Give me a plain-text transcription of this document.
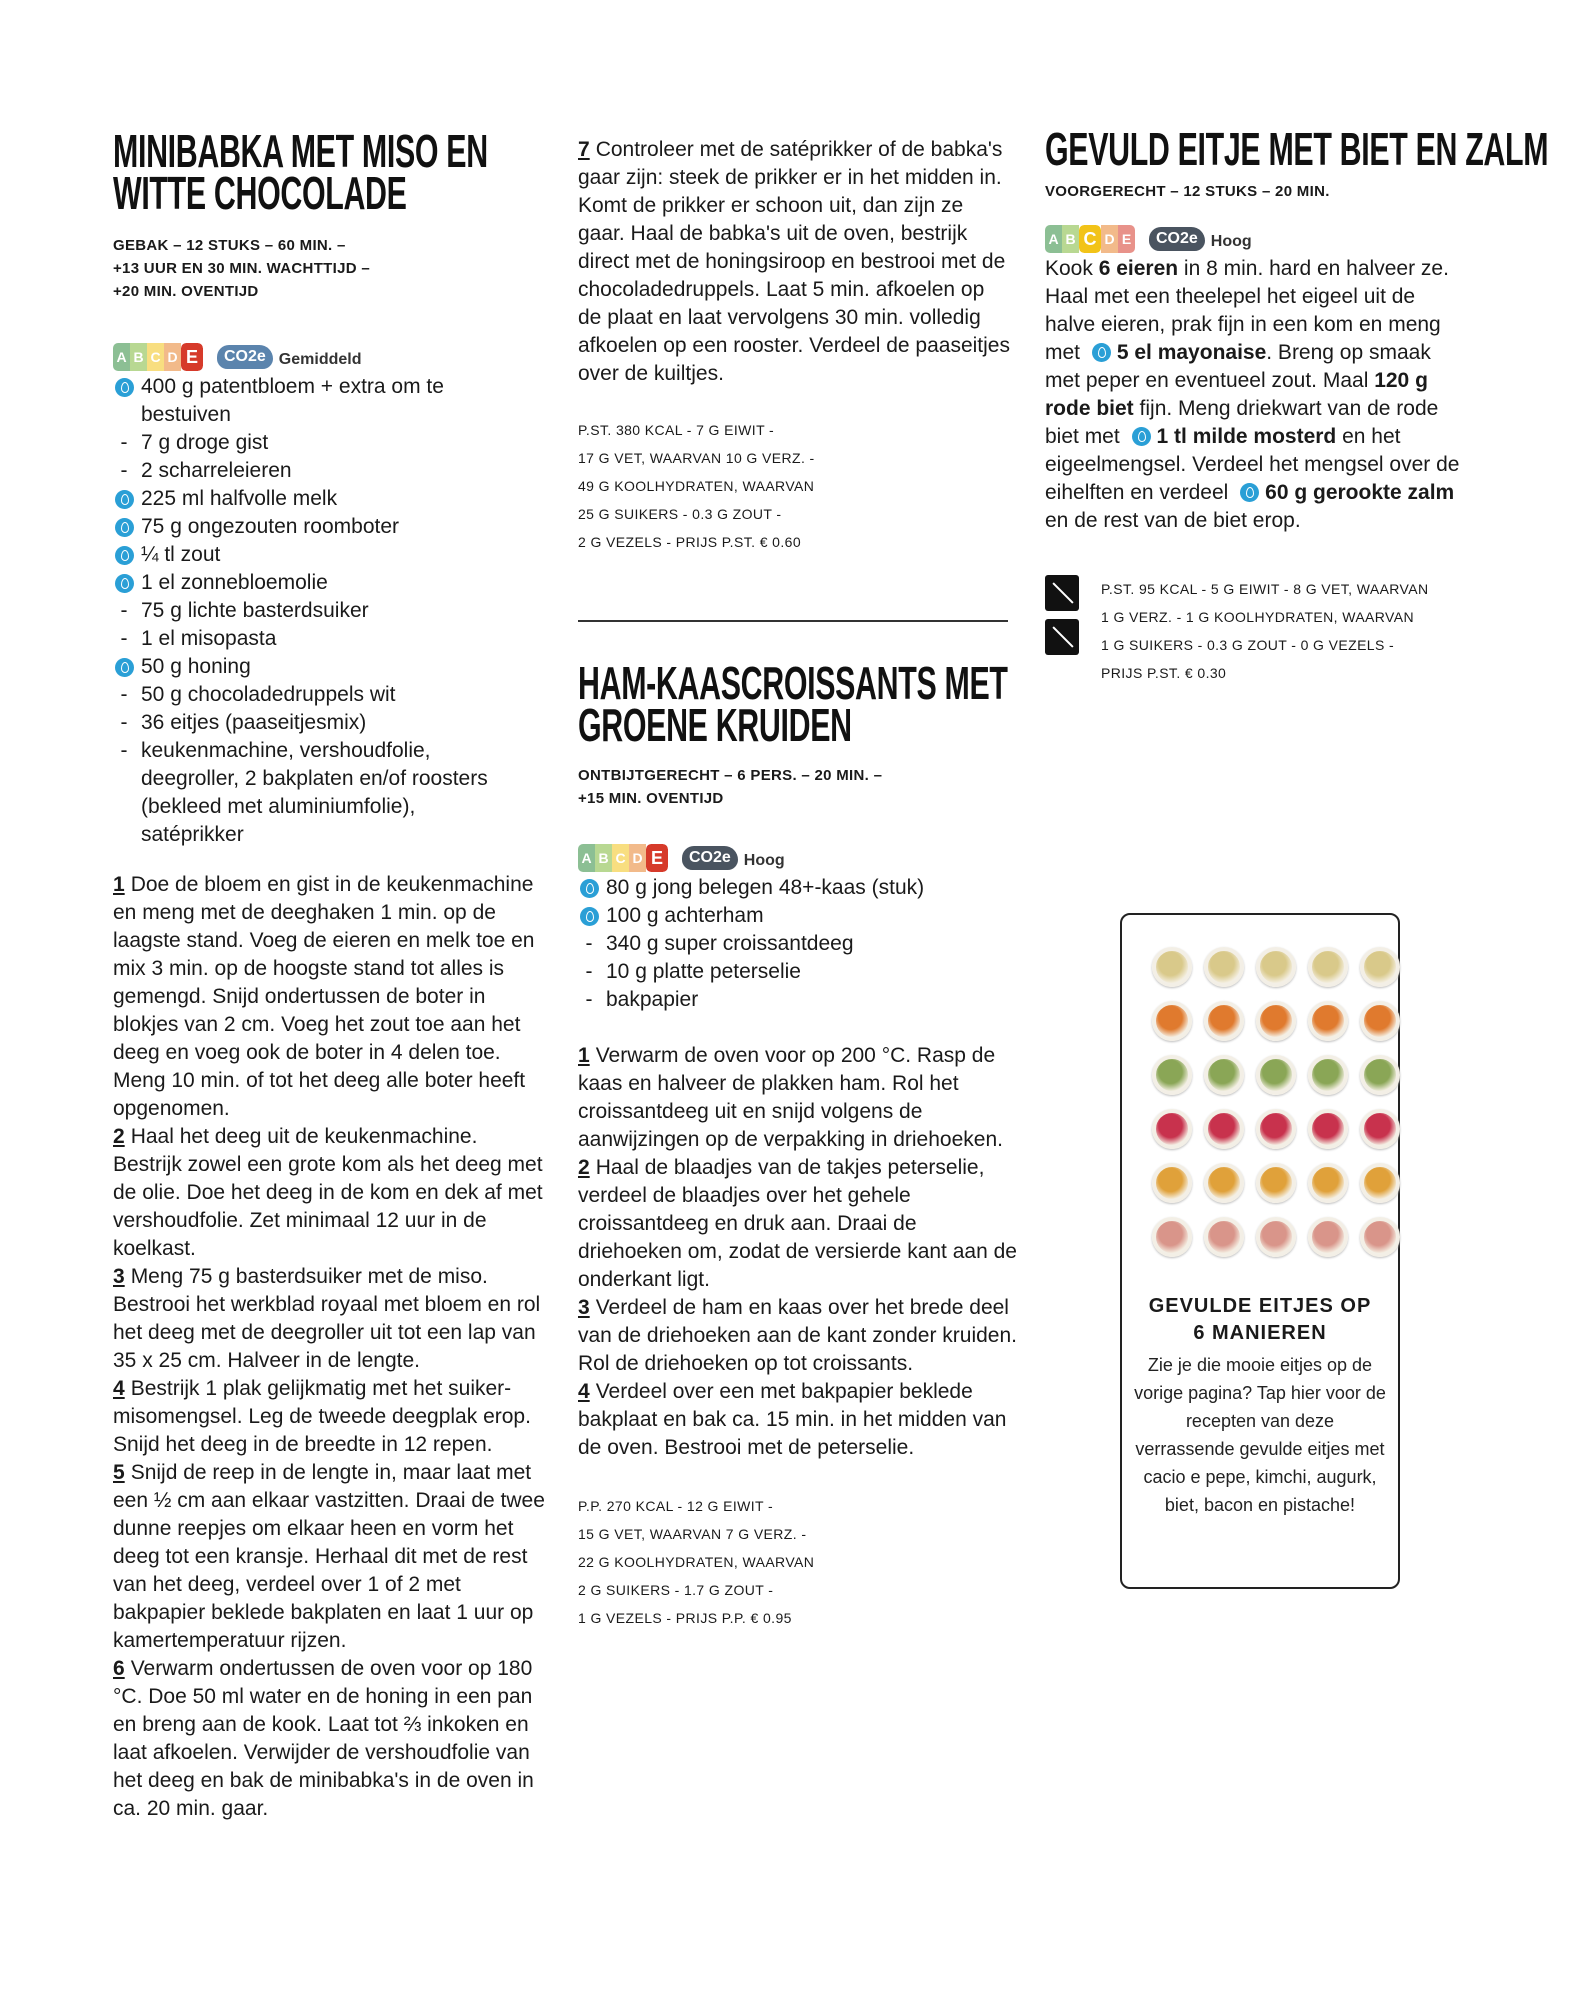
MINIBABKA MET MISO EN
WITTE CHOCOLADE
GEBAK – 12 STUKS – 60 MIN. –
+13 UUR EN 30 MIN. WACHTTIJD –
+20 MIN. OVENTIJD
A B C D E	CO2e Gemiddeld
400 g patentbloem + extra om te
bestuiven
- 7 g droge gist
- 2 scharreleieren
225 ml halfvolle melk
75 g ongezouten roomboter
¼ tl zout
1 el zonnebloemolie
- 75 g lichte basterdsuiker
- 1 el misopasta
50 g honing
- 50 g chocoladedruppels wit
- 36 eitjes (paaseitjesmix)
- keukenmachine, vershoudfolie,
deegroller, 2 bakplaten en/of roosters
(bekleed met aluminiumfolie),
satéprikker

1 Doe de bloem en gist in de keukenmachine en meng met de deeghaken 1 min. op de laagste stand. Voeg de eieren en melk toe en mix 3 min. op de hoogste stand tot alles is gemengd. Snijd ondertussen de boter in blokjes van 2 cm. Voeg het zout toe aan het deeg en voeg ook de boter in 4 delen toe. Meng 10 min. of tot het deeg alle boter heeft opgenomen.

2 Haal het deeg uit de keukenmachine. Bestrijk zowel een grote kom als het deeg met de olie. Doe het deeg in de kom en dek af met vershoudfolie. Zet minimaal 12 uur in de koelkast.

3 Meng 75 g basterdsuiker met de miso. Bestrooi het werkblad royaal met bloem en rol het deeg met de deegroller uit tot een lap van 35 x 25 cm. Halveer in de lengte.

4 Bestrijk 1 plak gelijkmatig met het suiker-misomengsel. Leg de tweede deegplak erop. Snijd het deeg in de breedte in 12 repen.

5 Snijd de reep in de lengte in, maar laat met een ½ cm aan elkaar vastzitten. Draai de twee dunne reepjes om elkaar heen en vorm het deeg tot een kransje. Herhaal dit met de rest van het deeg, verdeel over 1 of 2 met bakpapier beklede bakplaten en laat 1 uur op kamertemperatuur rijzen.

6 Verwarm ondertussen de oven voor op 180 °C. Doe 50 ml water en de honing in een pan en breng aan de kook. Laat tot ⅔ inkoken en laat afkoelen. Verwijder de vershoudfolie van het deeg en bak de minibabka's in de oven in ca. 20 min. gaar.

7 Controleer met de satéprikker of de babka's gaar zijn: steek de prikker er in het midden in. Komt de prikker er schoon uit, dan zijn ze gaar. Haal de babka's uit de oven, bestrijk direct met de honingsiroop en bestrooi met de chocoladedruppels. Laat 5 min. afkoelen op de plaat en laat vervolgens 30 min. volledig afkoelen op een rooster. Verdeel de paaseitjes over de kuiltjes.

P.ST. 380 KCAL - 7 G EIWIT -
17 G VET, WAARVAN 10 G VERZ. -
49 G KOOLHYDRATEN, WAARVAN
25 G SUIKERS - 0.3 G ZOUT -
2 G VEZELS - PRIJS P.ST. € 0.60
HAM-KAASCROISSANTS MET
GROENE KRUIDEN
ONTBIJTGERECHT – 6 PERS. – 20 MIN. –
+15 MIN. OVENTIJD
A B C D E	CO2e Hoog
80 g jong belegen 48+-kaas (stuk)
100 g achterham
- 340 g super croissantdeeg
- 10 g platte peterselie
- bakpapier

1 Verwarm de oven voor op 200 °C. Rasp de kaas en halveer de plakken ham. Rol het croissantdeeg uit en snijd volgens de aanwijzingen op de verpakking in driehoeken.

2 Haal de blaadjes van de takjes peterselie, verdeel de blaadjes over het gehele croissantdeeg en druk aan. Draai de driehoeken om, zodat de versierde kant aan de onderkant ligt.

3 Verdeel de ham en kaas over het brede deel van de driehoeken aan de kant zonder kruiden. Rol de driehoeken op tot croissants.

4 Verdeel over een met bakpapier beklede bakplaat en bak ca. 15 min. in het midden van de oven. Bestrooi met de peterselie.

P.P. 270 KCAL - 12 G EIWIT -
15 G VET, WAARVAN 7 G VERZ. -
22 G KOOLHYDRATEN, WAARVAN
2 G SUIKERS - 1.7 G ZOUT -
1 G VEZELS - PRIJS P.P. € 0.95
GEVULD EITJE MET BIET EN ZALM
VOORGERECHT – 12 STUKS – 20 MIN.
A B C D E	CO2e Hoog

Kook 6 eieren in 8 min. hard en halveer ze. Haal met een theelepel het eigeel uit de halve eieren, prak fijn in een kom en meng met 5 el mayonaise. Breng op smaak met peper en eventueel zout. Maal 120 g rode biet fijn. Meng driekwart van de rode biet met 1 tl milde mosterd en het eigeelmengsel. Verdeel het mengsel over de eihelften en verdeel 60 g gerookte zalm en de rest van de biet erop.

P.ST. 95 KCAL - 5 G EIWIT - 8 G VET, WAARVAN
1 G VERZ. - 1 G KOOLHYDRATEN, WAARVAN
1 G SUIKERS - 0.3 G ZOUT - 0 G VEZELS -
PRIJS P.ST. € 0.30
GEVULDE EITJES OP
6 MANIEREN
Zie je die mooie eitjes op de vorige pagina? Tap hier voor de recepten van deze verrassende gevulde eitjes met cacio e pepe, kimchi, augurk, biet, bacon en pistache!
